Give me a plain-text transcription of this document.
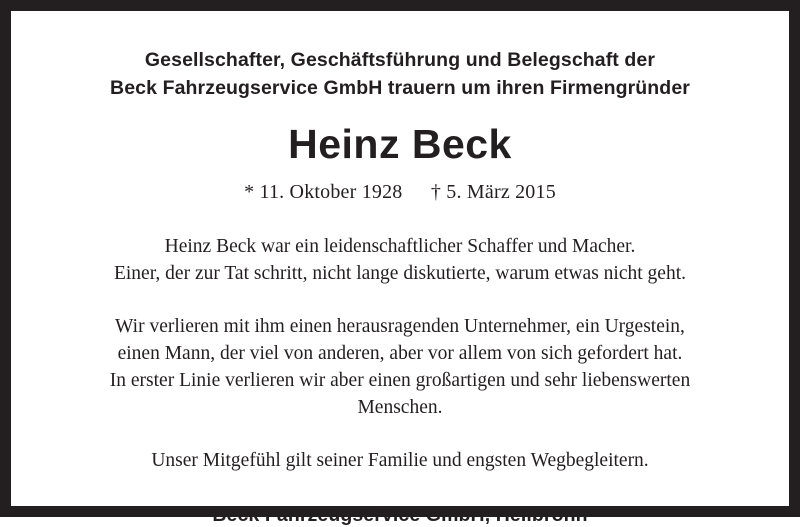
Gesellschafter, Geschäftsführung und Belegschaft der
Beck Fahrzeugservice GmbH trauern um ihren Firmengründer
Heinz Beck
* 11. Oktober 1928 † 5. März 2015

Heinz Beck war ein leidenschaftlicher Schaffer und Macher.

Einer, der zur Tat schritt, nicht lange diskutierte, warum etwas nicht geht.

Wir verlieren mit ihm einen herausragenden Unternehmer, ein Urgestein,

einen Mann, der viel von anderen, aber vor allem von sich gefordert hat.

In erster Linie verlieren wir aber einen großartigen und sehr liebenswerten

Menschen.

Unser Mitgefühl gilt seiner Familie und engsten Wegbegleitern.
Beck Fahrzeugservice GmbH, Heilbronn
